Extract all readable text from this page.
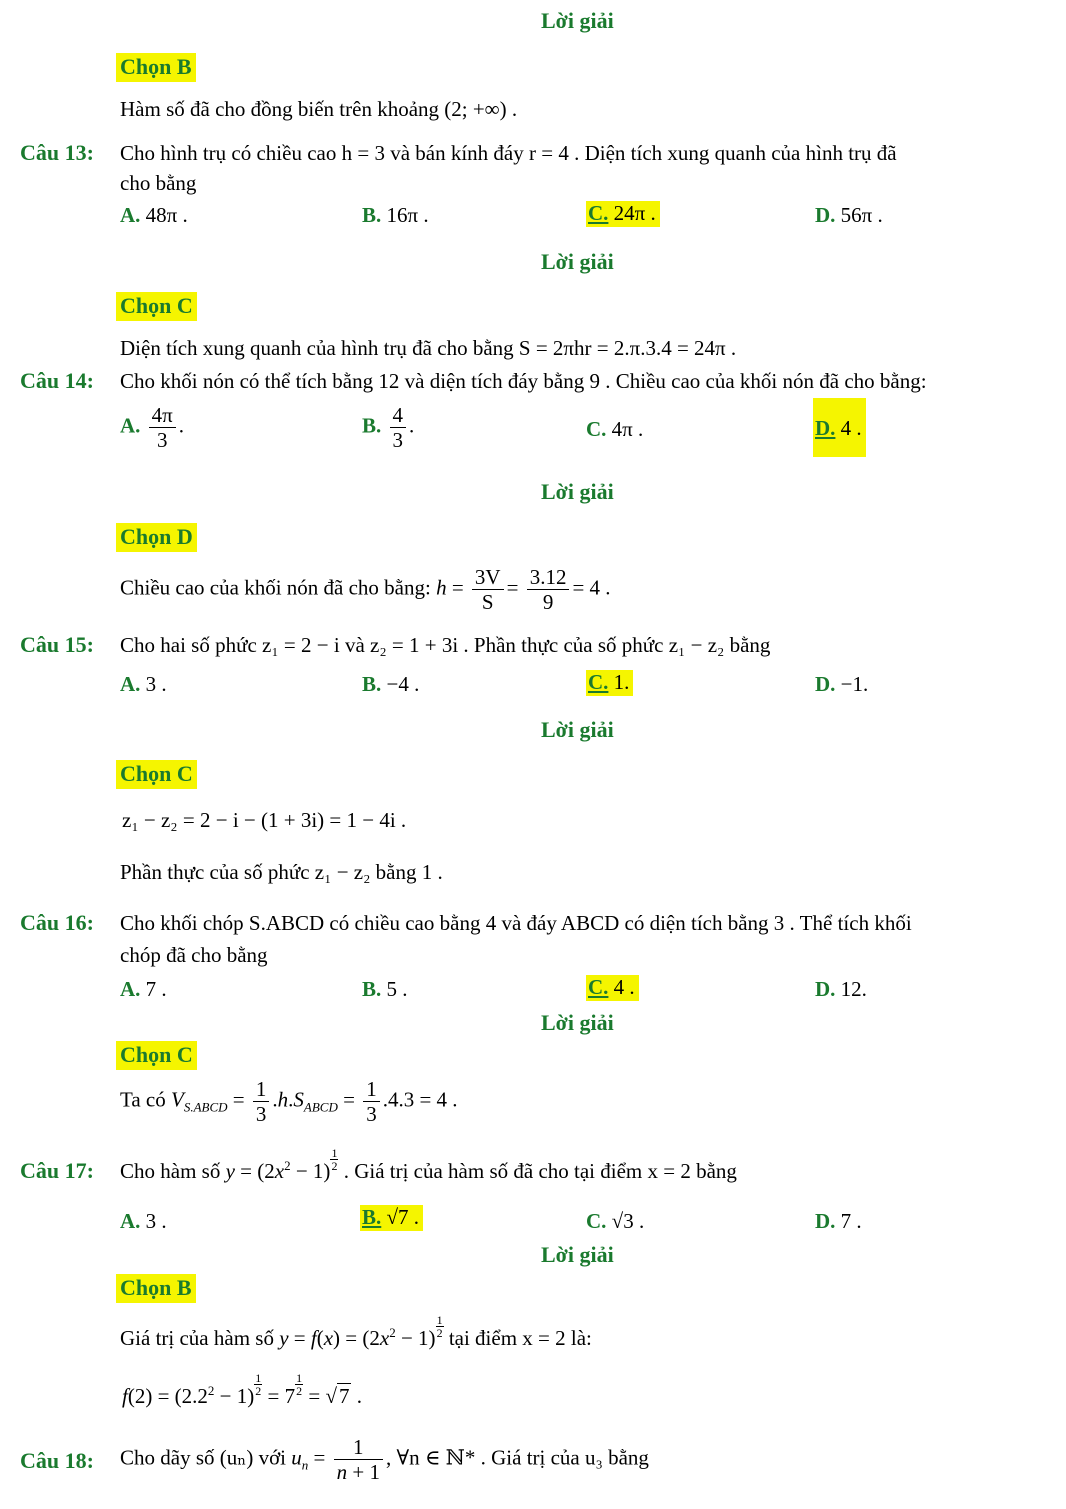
Lời giải
Chọn B
Hàm số đã cho đồng biến trên khoảng (2; +∞) .
Câu 13: Cho hình trụ có chiều cao h = 3 và bán kính đáy r = 4 . Diện tích xung quanh của hình trụ đã
cho bằng
A. 48π .	B. 16π .	C. 24π .	D. 56π .
Lời giải
Chọn C
Diện tích xung quanh của hình trụ đã cho bằng S = 2πhr = 2.π.3.4 = 24π .
Câu 14: Cho khối nón có thể tích bằng 12 và diện tích đáy bằng 9 . Chiều cao của khối nón đã cho bằng:
A. $\frac{4\pi}{3}$ .	B. $\frac{4}{3}$ .	C. 4π .	D. 4 .
Lời giải
Chọn D
Chiều cao của khối nón đã cho bằng: $h = \frac{3V}{S} = \frac{3.12}{9} = 4$ .
Câu 15: Cho hai số phức z₁ = 2 − i và z₂ = 1 + 3i . Phần thực của số phức z₁ − z₂ bằng
A. 3 .	B. −4 .	C. 1.	D. −1.
Lời giải
Chọn C
z₁ − z₂ = 2 − i − (1 + 3i) = 1 − 4i .
Phần thực của số phức z₁ − z₂ bằng 1 .
Câu 16: Cho khối chóp S.ABCD có chiều cao bằng 4 và đáy ABCD có diện tích bằng 3 . Thể tích khối
chóp đã cho bằng
A. 7 .	B. 5 .	C. 4 .	D. 12.
Lời giải
Chọn C
Ta có $V_{S.ABCD} = \frac{1}{3} .h.S_{ABCD} = \frac{1}{3} .4.3 = 4$ .
Câu 17: Cho hàm số $y = (2x^2 - 1) \frac{1}{2}$ . Giá trị của hàm số đã cho tại điểm x = 2 bằng
A. 3 .	B. √7 .	C. √3 .	D. 7 .
Lời giải
Chọn B
Giá trị của hàm số $y = f(x) = (2x^2 - 1) \frac{1}{2}$ tại điểm x = 2 là:
$f(2) = (2.2^2 - 1) \frac{1}{2} = 7 \frac{1}{2} = √7$ .
Câu 18: Cho dãy số (uₙ) với $u_n = \frac{1}{n + 1}$ , ∀n ∈ ℕ* . Giá trị của u₃ bằng
